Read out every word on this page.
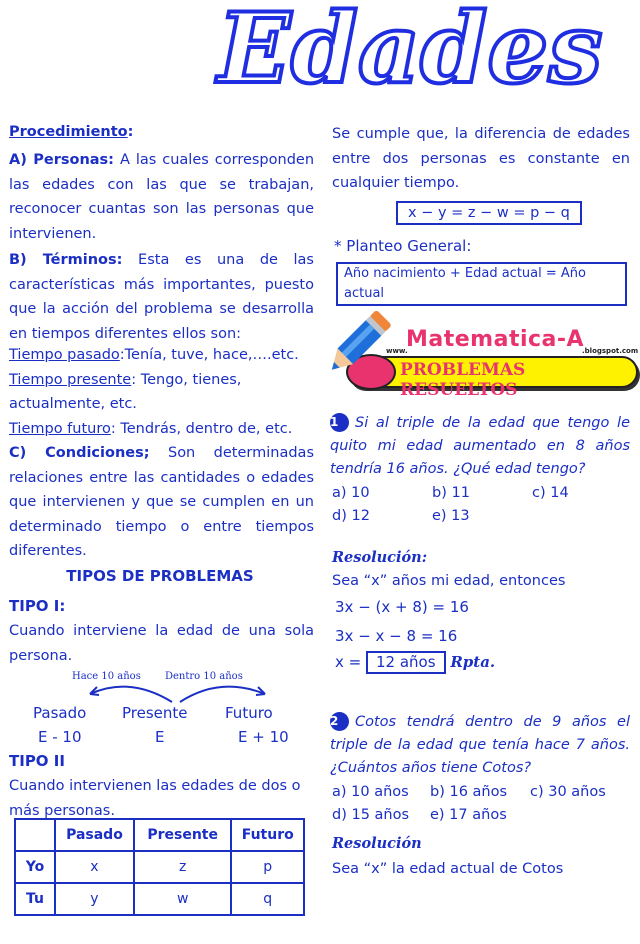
Edades
Procedimiento:
A) Personas: A las cuales corresponden las edades con las que se trabajan, reconocer cuantas son las personas que intervienen.
B) Términos: Esta es una de las características más importantes, puesto que la acción del problema se desarrolla en tiempos diferentes ellos son:
Tiempo pasado:Tenía, tuve, hace,….etc.
Tiempo presente: Tengo, tienes, actualmente, etc.
Tiempo futuro: Tendrás, dentro de, etc.
C) Condiciones; Son determinadas relaciones entre las cantidades o edades que intervienen y que se cumplen en un determinado tiempo o entre tiempos diferentes.
TIPOS DE PROBLEMAS
TIPO I:
Cuando interviene la edad de una sola persona.
Hace 10 años Dentro 10 años
Pasado Presente Futuro
E - 10	E	E + 10
TIPO II
Cuando intervienen las edades de dos o más personas.
	Pasado	Presente	Futuro
Yo	x	z	p
Tu	y	w	q
Se cumple que, la diferencia de edades entre dos personas es constante en cualquier tiempo.
x − y = z − w = p − q
* Planteo General:
Año nacimiento + Edad actual = Año actual
www.
Matematica-A
.blogspot.com
PROBLEMAS RESUELTOS
1 Si al triple de la edad que tengo le quito mi edad aumentado en 8 años tendría 16 años. ¿Qué edad tengo?
a) 10	b) 11	c) 14
d) 12	e) 13
Resolución:
Sea “x” años mi edad, entonces
3x − (x + 8) = 16
3x − x − 8 = 16
x = 12 años Rpta.
2 Cotos tendrá dentro de 9 años el triple de la edad que tenía hace 7 años. ¿Cuántos años tiene Cotos?
a) 10 años	b) 16 años	c) 30 años
d) 15 años	e) 17 años
Resolución
Sea “x” la edad actual de Cotos
